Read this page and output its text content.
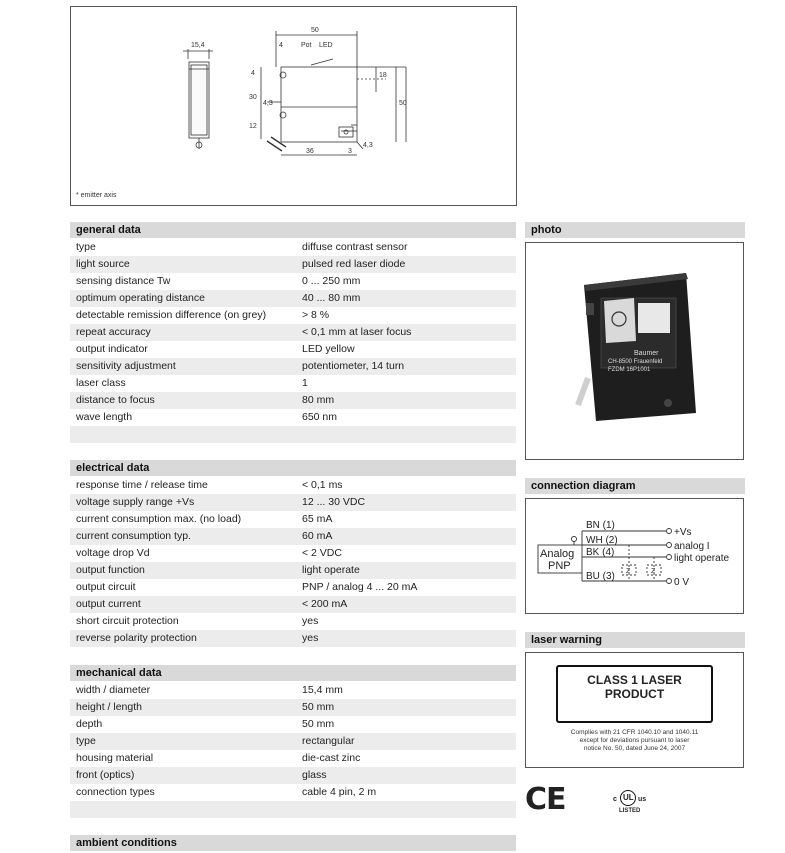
15,4
50
4	Pot LED
4
30
4,3
12
18
50
36	3
4,3
* emitter axis
general data
type	diffuse contrast sensor
light source	pulsed red laser diode
sensing distance Tw	0 ... 250 mm
optimum operating distance	40 ... 80 mm
detectable remission difference (on grey)	> 8 %
repeat accuracy	< 0,1 mm at laser focus
output indicator	LED yellow
sensitivity adjustment	potentiometer, 14 turn
laser class	1
distance to focus	80 mm
wave length	650 nm
electrical data
response time / release time	< 0,1 ms
voltage supply range +Vs	12 ... 30 VDC
current consumption max. (no load)	65 mA
current consumption typ.	60 mA
voltage drop Vd	< 2 VDC
output function	light operate
output circuit	PNP / analog 4 ... 20 mA
output current	< 200 mA
short circuit protection	yes
reverse polarity protection	yes
mechanical data
width / diameter	15,4 mm
height / length	50 mm
depth	50 mm
type	rectangular
housing material	die-cast zinc
front (optics)	glass
connection types	cable 4 pin, 2 m
ambient conditions
photo
Baumer
CH-8500 Frauenfeld
FZDM 16P1001
connection diagram
Analog
PNP
BN (1)
WH (2)
BK (4)
BU (3)
+Vs
analog I
light operate
0 V
Z	Z
laser warning
CLASS 1 LASER
PRODUCT
Complies with 21 CFR 1040.10 and 1040.11
except for deviations pursuant to laser
notice No. 50, dated June 24, 2007
CE	c UL us
LISTED
